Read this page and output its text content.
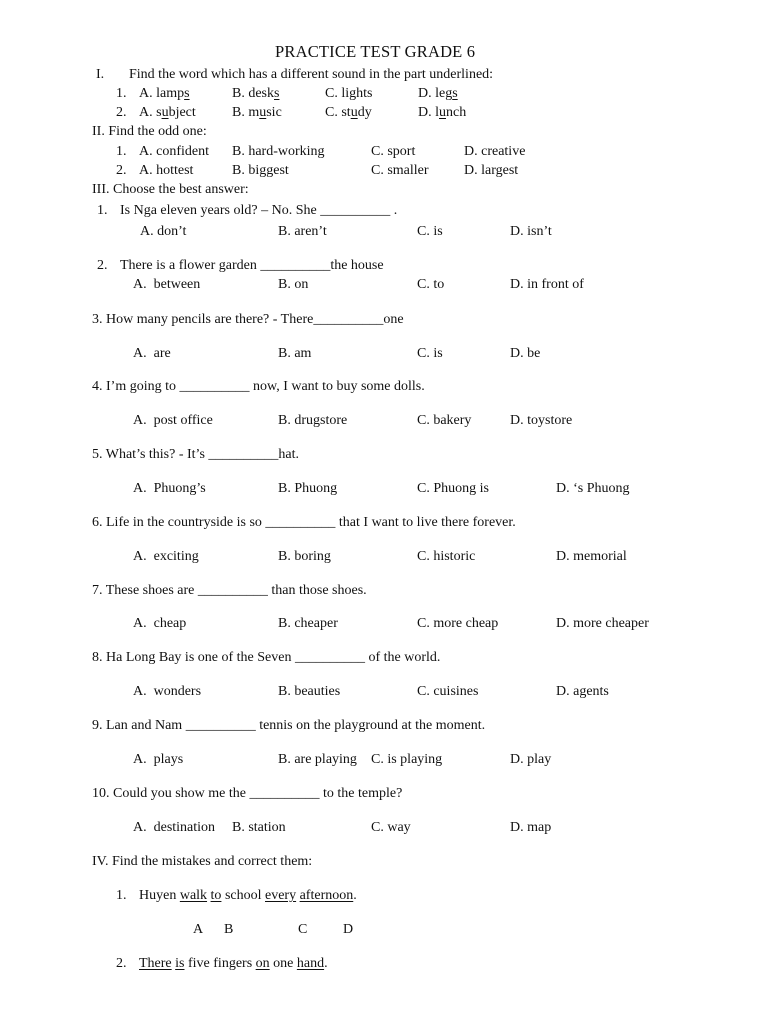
PRACTICE TEST GRADE 6
I. Find the word which has a different sound in the part underlined:
1. A. lamps	B. desks	C. lights	D. legs
2. A. subject	B. music	C. study	D. lunch
II. Find the odd one:
1. A. confident B. hard-working	C. sport	D. creative
2. A. hottest	B. biggest	C. smaller	D. largest
III. Choose the best answer:
1. Is Nga eleven years old? – No. She __________ .
A. don’t	B. aren’t	C. is	D. isn’t
2. There is a flower garden __________the house
A.  between	B. on	C. to	D. in front of
3. How many pencils are there? - There__________one
A.  are	B. am	C. is	D. be
4. I’m going to __________ now, I want to buy some dolls.
A.  post office	B. drugstore	C. bakery	D. toystore
5. What’s this? - It’s __________hat.
A.  Phuong’s	B. Phuong	C. Phuong is	D. ‘s Phuong
6. Life in the countryside is so __________ that I want to live there forever.
A.  exciting	B. boring	C. historic	D. memorial
7. These shoes are __________ than those shoes.
A.  cheap	B. cheaper	C. more cheap	D. more cheaper
8. Ha Long Bay is one of the Seven __________ of the world.
A.  wonders	B. beauties	C. cuisines	D. agents
9. Lan and Nam __________ tennis on the playground at the moment.
A.  plays	B. are playing C. is playing	D. play
10. Could you show me the __________ to the temple?
A.  destination B. station	C. way	D. map
IV. Find the mistakes and correct them:
1. Huyen walk to school every afternoon.
A B	C	D
2. There is five fingers on one hand.
